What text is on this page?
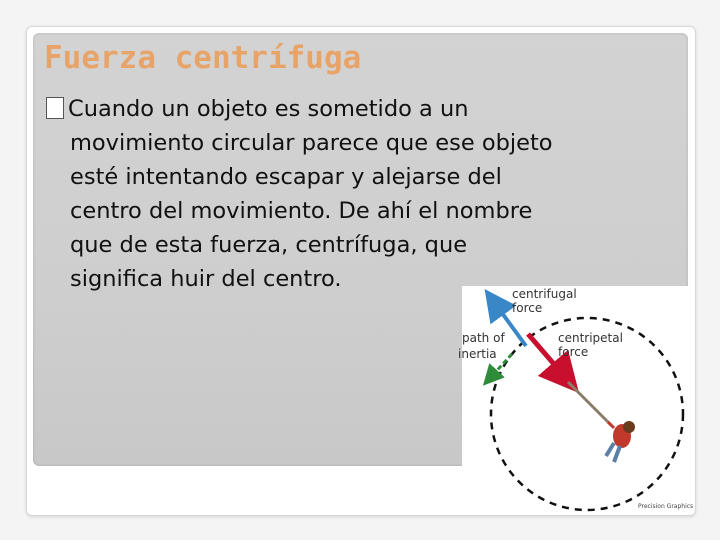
Fuerza centrífuga
Cuando un objeto es sometido a un
movimiento circular parece que ese objeto
esté intentando escapar y alejarse del
centro del movimiento. De ahí el nombre
que de esta fuerza, centrífuga, que
significa huir del centro.
centrifugal
force
path of
inertia
centripetal
force
Precision Graphics
